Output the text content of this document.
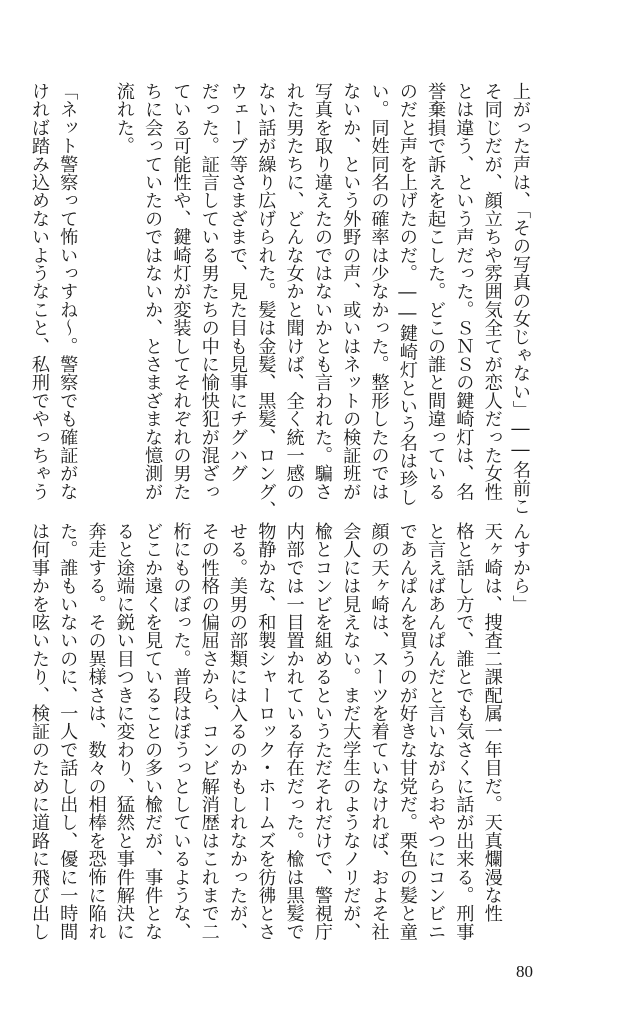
上がった声は、「その写真の女じゃない」――名前こ
そ同じだが、顔立ちや雰囲気全てが恋人だった女性
とは違う、という声だった。ＳＮＳの鍵崎灯は、名
誉棄損で訴えを起こした。どこの誰と間違っている
のだと声を上げたのだ。――鍵崎灯という名は珍し
い。同姓同名の確率は少なかった。整形したのでは
ないか、という外野の声、或いはネットの検証班が
写真を取り違えたのではないかとも言われた。騙さ
れた男たちに、どんな女かと聞けば、全く統一感の
ない話が繰り広げられた。髪は金髪、黒髪、ロング、
ウェーブ等さまざまで、見た目も見事にチグハグ
だった。証言している男たちの中に愉快犯が混ざっ
ている可能性や、鍵崎灯が変装してそれぞれの男た
ちに会っていたのではないか、とさまざまな憶測が
流れた。

「ネット警察って怖いっすね～。警察でも確証がな
ければ踏み込めないようなこと、私刑でやっちゃう
んすから」
天ヶ崎は、捜査二課配属一年目だ。天真爛漫な性
格と話し方で、誰とでも気さくに話が出来る。刑事
と言えばあんぱんだと言いながらおやつにコンビニ
であんぱんを買うのが好きな甘党だ。栗色の髪と童
顔の天ヶ崎は、スーツを着ていなければ、およそ社
会人には見えない。まだ大学生のようなノリだが、
楡とコンビを組めるというただそれだけで、警視庁
内部では一目置かれている存在だった。楡は黒髪で
物静かな、和製シャーロック・ホームズを彷彿とさ
せる。美男の部類には入るのかもしれなかったが、
その性格の偏屈さから、コンビ解消歴はこれまで二
桁にものぼった。普段はぼうっとしているような、
どこか遠くを見ていることの多い楡だが、事件とな
ると途端に鋭い目つきに変わり、猛然と事件解決に
奔走する。その異様さは、数々の相棒を恐怖に陥れ
た。誰もいないのに、一人で話し出し、優に一時間
は何事かを呟いたり、検証のために道路に飛び出し
80
